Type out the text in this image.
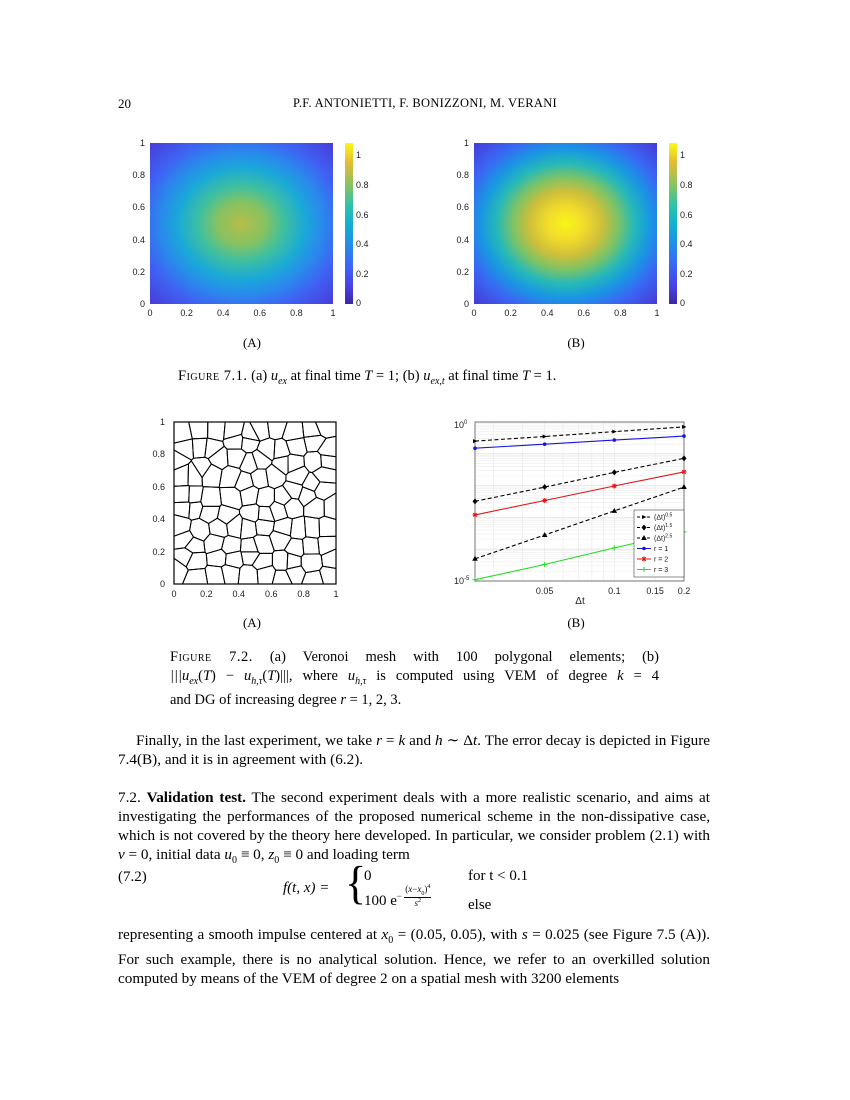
20	P.F. ANTONIETTI, F. BONIZZONI, M. VERANI
0
0.2
0.4
0.6
0.8
1
0	0.2	0.4	0.6	0.8	1
0
0.2
0.4
0.6
0.8
1
0
0.2
0.4
0.6
0.8
1
0	0.2	0.4	0.6	0.8	1
0
0.2
0.4
0.6
0.8
1
(A)	(B)
Figure 7.1. (a) $u_{ex}$ at final time T = 1; (b) $u_{ex,t}$ at final time T = 1.
0
0.2
0.4
0.6
0.8
1
0	0.2 0.4 0.6 0.8	1
$10^0$
$10^{-5}$
0.05	0.1	0.15 0.2
Δt
$(\Delta t)^{0.5}$
$(\Delta t)^{1.5}$
$(\Delta t)^{2.5}$
r = 1
r = 2
r = 3
(A)	(B)
Figure 7.2. (a) Veronoi mesh with 100 polygonal elements; (b)
$|||u_{ex}(T) - u_{h,\tau}(T)|||$, where $u_{h,\tau}$ is computed using VEM of degree k = 4
and DG of increasing degree r = 1, 2, 3.

Finally, in the last experiment, we take r = k and h ∼ Δt. The error decay is depicted in Figure 7.4(B), and it is in agreement with (6.2).

7.2. Validation test. The second experiment deals with a more realistic scenario, and aims at investigating the performances of the proposed numerical scheme in the non-dissipative case, which is not covered by the theory here developed. In particular, we consider problem (2.1) with ν = 0, initial data $u_0 \equiv 0$, $z_0 \equiv 0$ and loading term

(7.2)
f(t, x) = {
0	for t < 0.1
100 $e- \frac{(x-x_0)^4}{s^2}$ else

representing a smooth impulse centered at $x_0 = (0.05$, 0.05), with s = 0.025 (see Figure 7.5 (A)). For such example, there is no analytical solution. Hence, we refer to an overkilled solution computed by means of the VEM of degree 2 on a spatial mesh with 3200 elements
